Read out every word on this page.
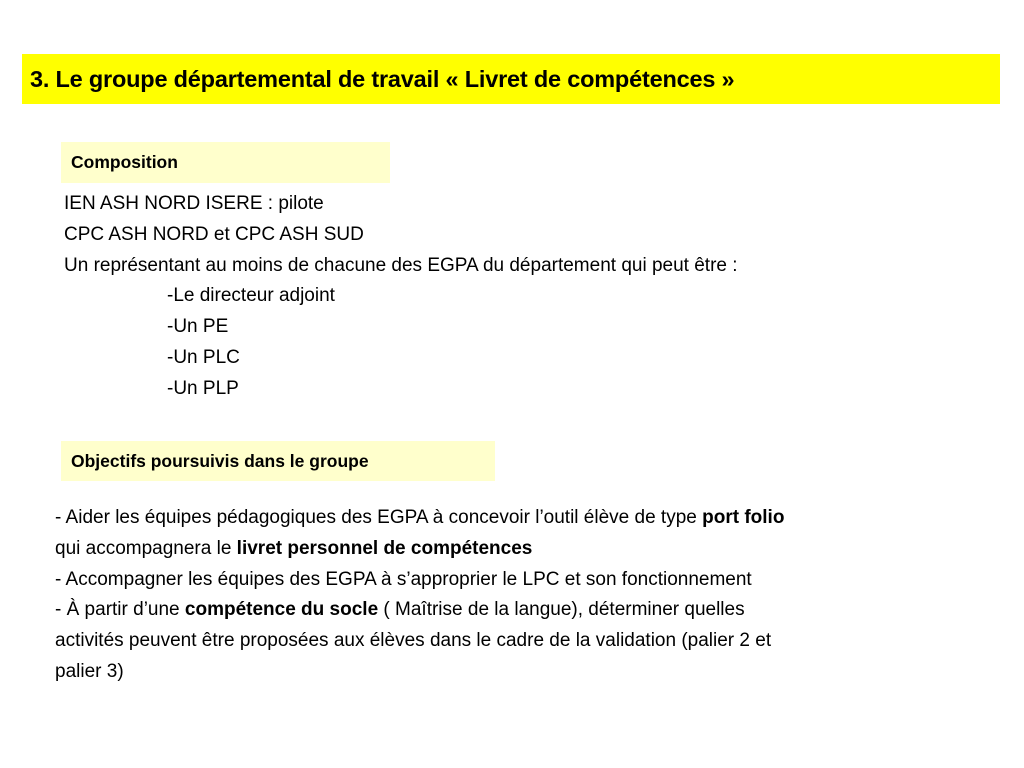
3. Le groupe départemental de travail « Livret de compétences »
Composition
IEN ASH NORD ISERE : pilote
CPC ASH NORD et CPC ASH SUD
Un représentant au moins de chacune des EGPA du département qui peut être :
-Le directeur adjoint
-Un PE
-Un PLC
-Un PLP
Objectifs poursuivis dans le groupe
- Aider les équipes pédagogiques des EGPA à concevoir l’outil élève de type port folio
qui accompagnera le livret personnel de compétences
- Accompagner les équipes des EGPA à s’approprier le LPC et son fonctionnement
- À partir d’une compétence du socle ( Maîtrise de la langue), déterminer quelles
activités peuvent être proposées aux élèves dans le cadre de la validation (palier 2 et
palier 3)
